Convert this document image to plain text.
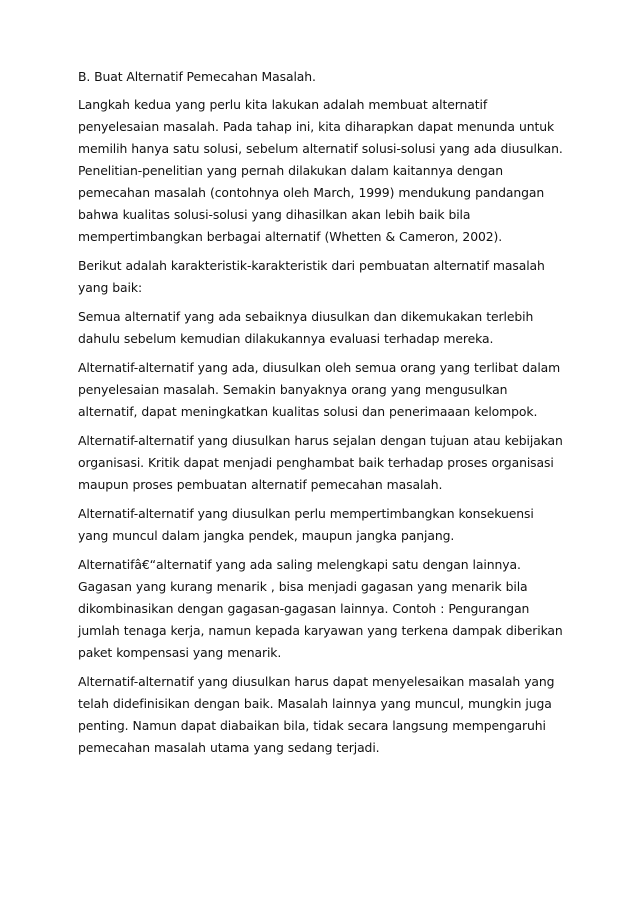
B. Buat Alternatif Pemecahan Masalah.

Langkah kedua yang perlu kita lakukan adalah membuat alternatif penyelesaian masalah. Pada tahap ini, kita diharapkan dapat menunda untuk memilih hanya satu solusi, sebelum alternatif solusi-solusi yang ada diusulkan. Penelitian-penelitian yang pernah dilakukan dalam kaitannya dengan pemecahan masalah (contohnya oleh March, 1999) mendukung pandangan bahwa kualitas solusi-solusi yang dihasilkan akan lebih baik bila mempertimbangkan berbagai alternatif (Whetten & Cameron, 2002).

Berikut adalah karakteristik-karakteristik dari pembuatan alternatif masalah yang baik:

Semua alternatif yang ada sebaiknya diusulkan dan dikemukakan terlebih dahulu sebelum kemudian dilakukannya evaluasi terhadap mereka.

Alternatif-alternatif yang ada, diusulkan oleh semua orang yang terlibat dalam penyelesaian masalah. Semakin banyaknya orang yang mengusulkan alternatif, dapat meningkatkan kualitas solusi dan penerimaaan kelompok.

Alternatif-alternatif yang diusulkan harus sejalan dengan tujuan atau kebijakan organisasi. Kritik dapat menjadi penghambat baik terhadap proses organisasi maupun proses pembuatan alternatif pemecahan masalah.

Alternatif-alternatif yang diusulkan perlu mempertimbangkan konsekuensi yang muncul dalam jangka pendek, maupun jangka panjang.

Alternatifâ€“alternatif yang ada saling melengkapi satu dengan lainnya. Gagasan yang kurang menarik , bisa menjadi gagasan yang menarik bila dikombinasikan dengan gagasan-gagasan lainnya. Contoh : Pengurangan jumlah tenaga kerja, namun kepada karyawan yang terkena dampak diberikan paket kompensasi yang menarik.

Alternatif-alternatif yang diusulkan harus dapat menyelesaikan masalah yang telah didefinisikan dengan baik. Masalah lainnya yang muncul, mungkin juga penting. Namun dapat diabaikan bila, tidak secara langsung mempengaruhi pemecahan masalah utama yang sedang terjadi.
